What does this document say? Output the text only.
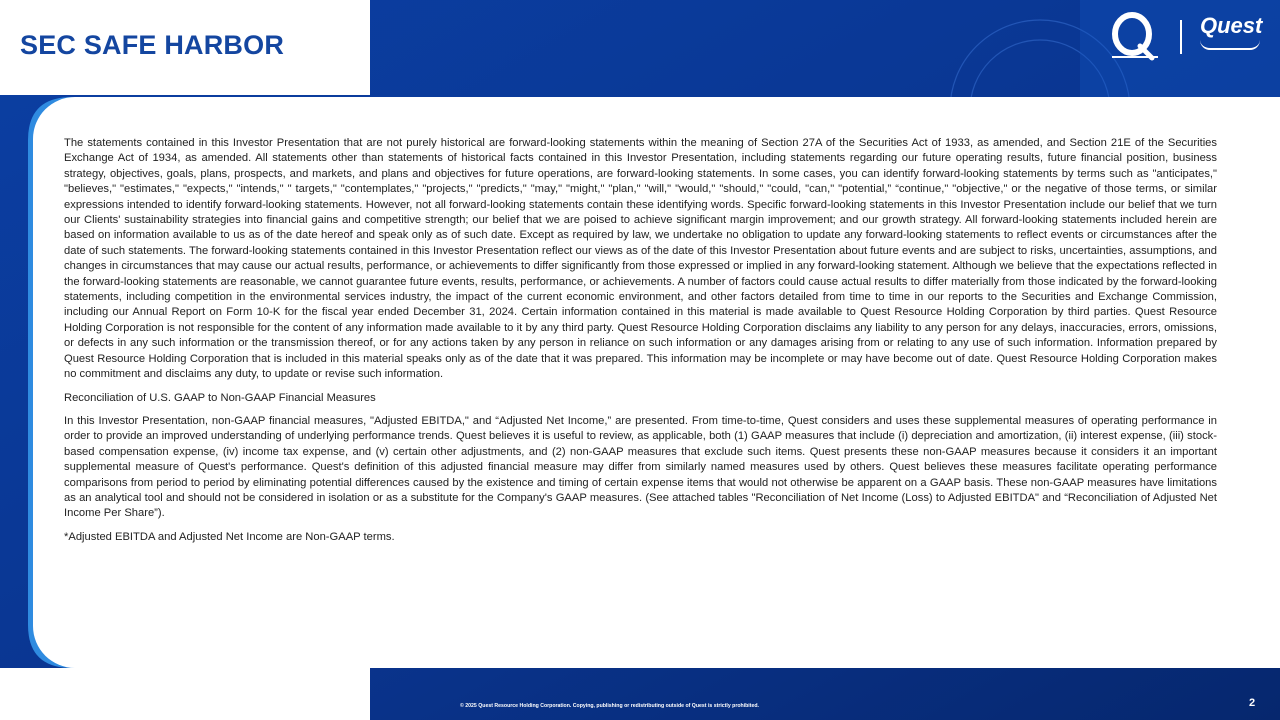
SEC SAFE HARBOR
Quest

The statements contained in this Investor Presentation that are not purely historical are forward-looking statements within the meaning of Section 27A of the Securities Act of 1933, as amended, and Section 21E of the Securities Exchange Act of 1934, as amended. All statements other than statements of historical facts contained in this Investor Presentation, including statements regarding our future operating results, future financial position, business strategy, objectives, goals, plans, prospects, and markets, and plans and objectives for future operations, are forward-looking statements. In some cases, you can identify forward-looking statements by terms such as "anticipates," "believes," "estimates," "expects," "intends," " targets," "contemplates," "projects," "predicts," "may," "might," "plan," "will," "would," "should," "could, "can," "potential,” “continue," "objective," or the negative of those terms, or similar expressions intended to identify forward-looking statements. However, not all forward-looking statements contain these identifying words. Specific forward-looking statements in this Investor Presentation include our belief that we turn our Clients' sustainability strategies into financial gains and competitive strength; our belief that we are poised to achieve significant margin improvement; and our growth strategy. All forward-looking statements included herein are based on information available to us as of the date hereof and speak only as of such date. Except as required by law, we undertake no obligation to update any forward-looking statements to reflect events or circumstances after the date of such statements. The forward-looking statements contained in this Investor Presentation reflect our views as of the date of this Investor Presentation about future events and are subject to risks, uncertainties, assumptions, and changes in circumstances that may cause our actual results, performance, or achievements to differ significantly from those expressed or implied in any forward-looking statement. Although we believe that the expectations reflected in the forward-looking statements are reasonable, we cannot guarantee future events, results, performance, or achievements. A number of factors could cause actual results to differ materially from those indicated by the forward-looking statements, including competition in the environmental services industry, the impact of the current economic environment, and other factors detailed from time to time in our reports to the Securities and Exchange Commission, including our Annual Report on Form 10-K for the fiscal year ended December 31, 2024. Certain information contained in this material is made available to Quest Resource Holding Corporation by third parties. Quest Resource Holding Corporation is not responsible for the content of any information made available to it by any third party. Quest Resource Holding Corporation disclaims any liability to any person for any delays, inaccuracies, errors, omissions, or defects in any such information or the transmission thereof, or for any actions taken by any person in reliance on such information or any damages arising from or relating to any use of such information. Information prepared by Quest Resource Holding Corporation that is included in this material speaks only as of the date that it was prepared. This information may be incomplete or may have become out of date. Quest Resource Holding Corporation makes no commitment and disclaims any duty, to update or revise such information.

Reconciliation of U.S. GAAP to Non-GAAP Financial Measures

In this Investor Presentation, non-GAAP financial measures, "Adjusted EBITDA," and “Adjusted Net Income,” are presented. From time-to-time, Quest considers and uses these supplemental measures of operating performance in order to provide an improved understanding of underlying performance trends. Quest believes it is useful to review, as applicable, both (1) GAAP measures that include (i) depreciation and amortization, (ii) interest expense, (iii) stock-based compensation expense, (iv) income tax expense, and (v) certain other adjustments, and (2) non-GAAP measures that exclude such items. Quest presents these non-GAAP measures because it considers it an important supplemental measure of Quest's performance. Quest's definition of this adjusted financial measure may differ from similarly named measures used by others. Quest believes these measures facilitate operating performance comparisons from period to period by eliminating potential differences caused by the existence and timing of certain expense items that would not otherwise be apparent on a GAAP basis. These non-GAAP measures have limitations as an analytical tool and should not be considered in isolation or as a substitute for the Company's GAAP measures. (See attached tables "Reconciliation of Net Income (Loss) to Adjusted EBITDA" and “Reconciliation of Adjusted Net Income Per Share”).

*Adjusted EBITDA and Adjusted Net Income are Non-GAAP terms.

© 2025 Quest Resource Holding Corporation. Copying, publishing or redistributing outside of Quest is strictly prohibited.	2
